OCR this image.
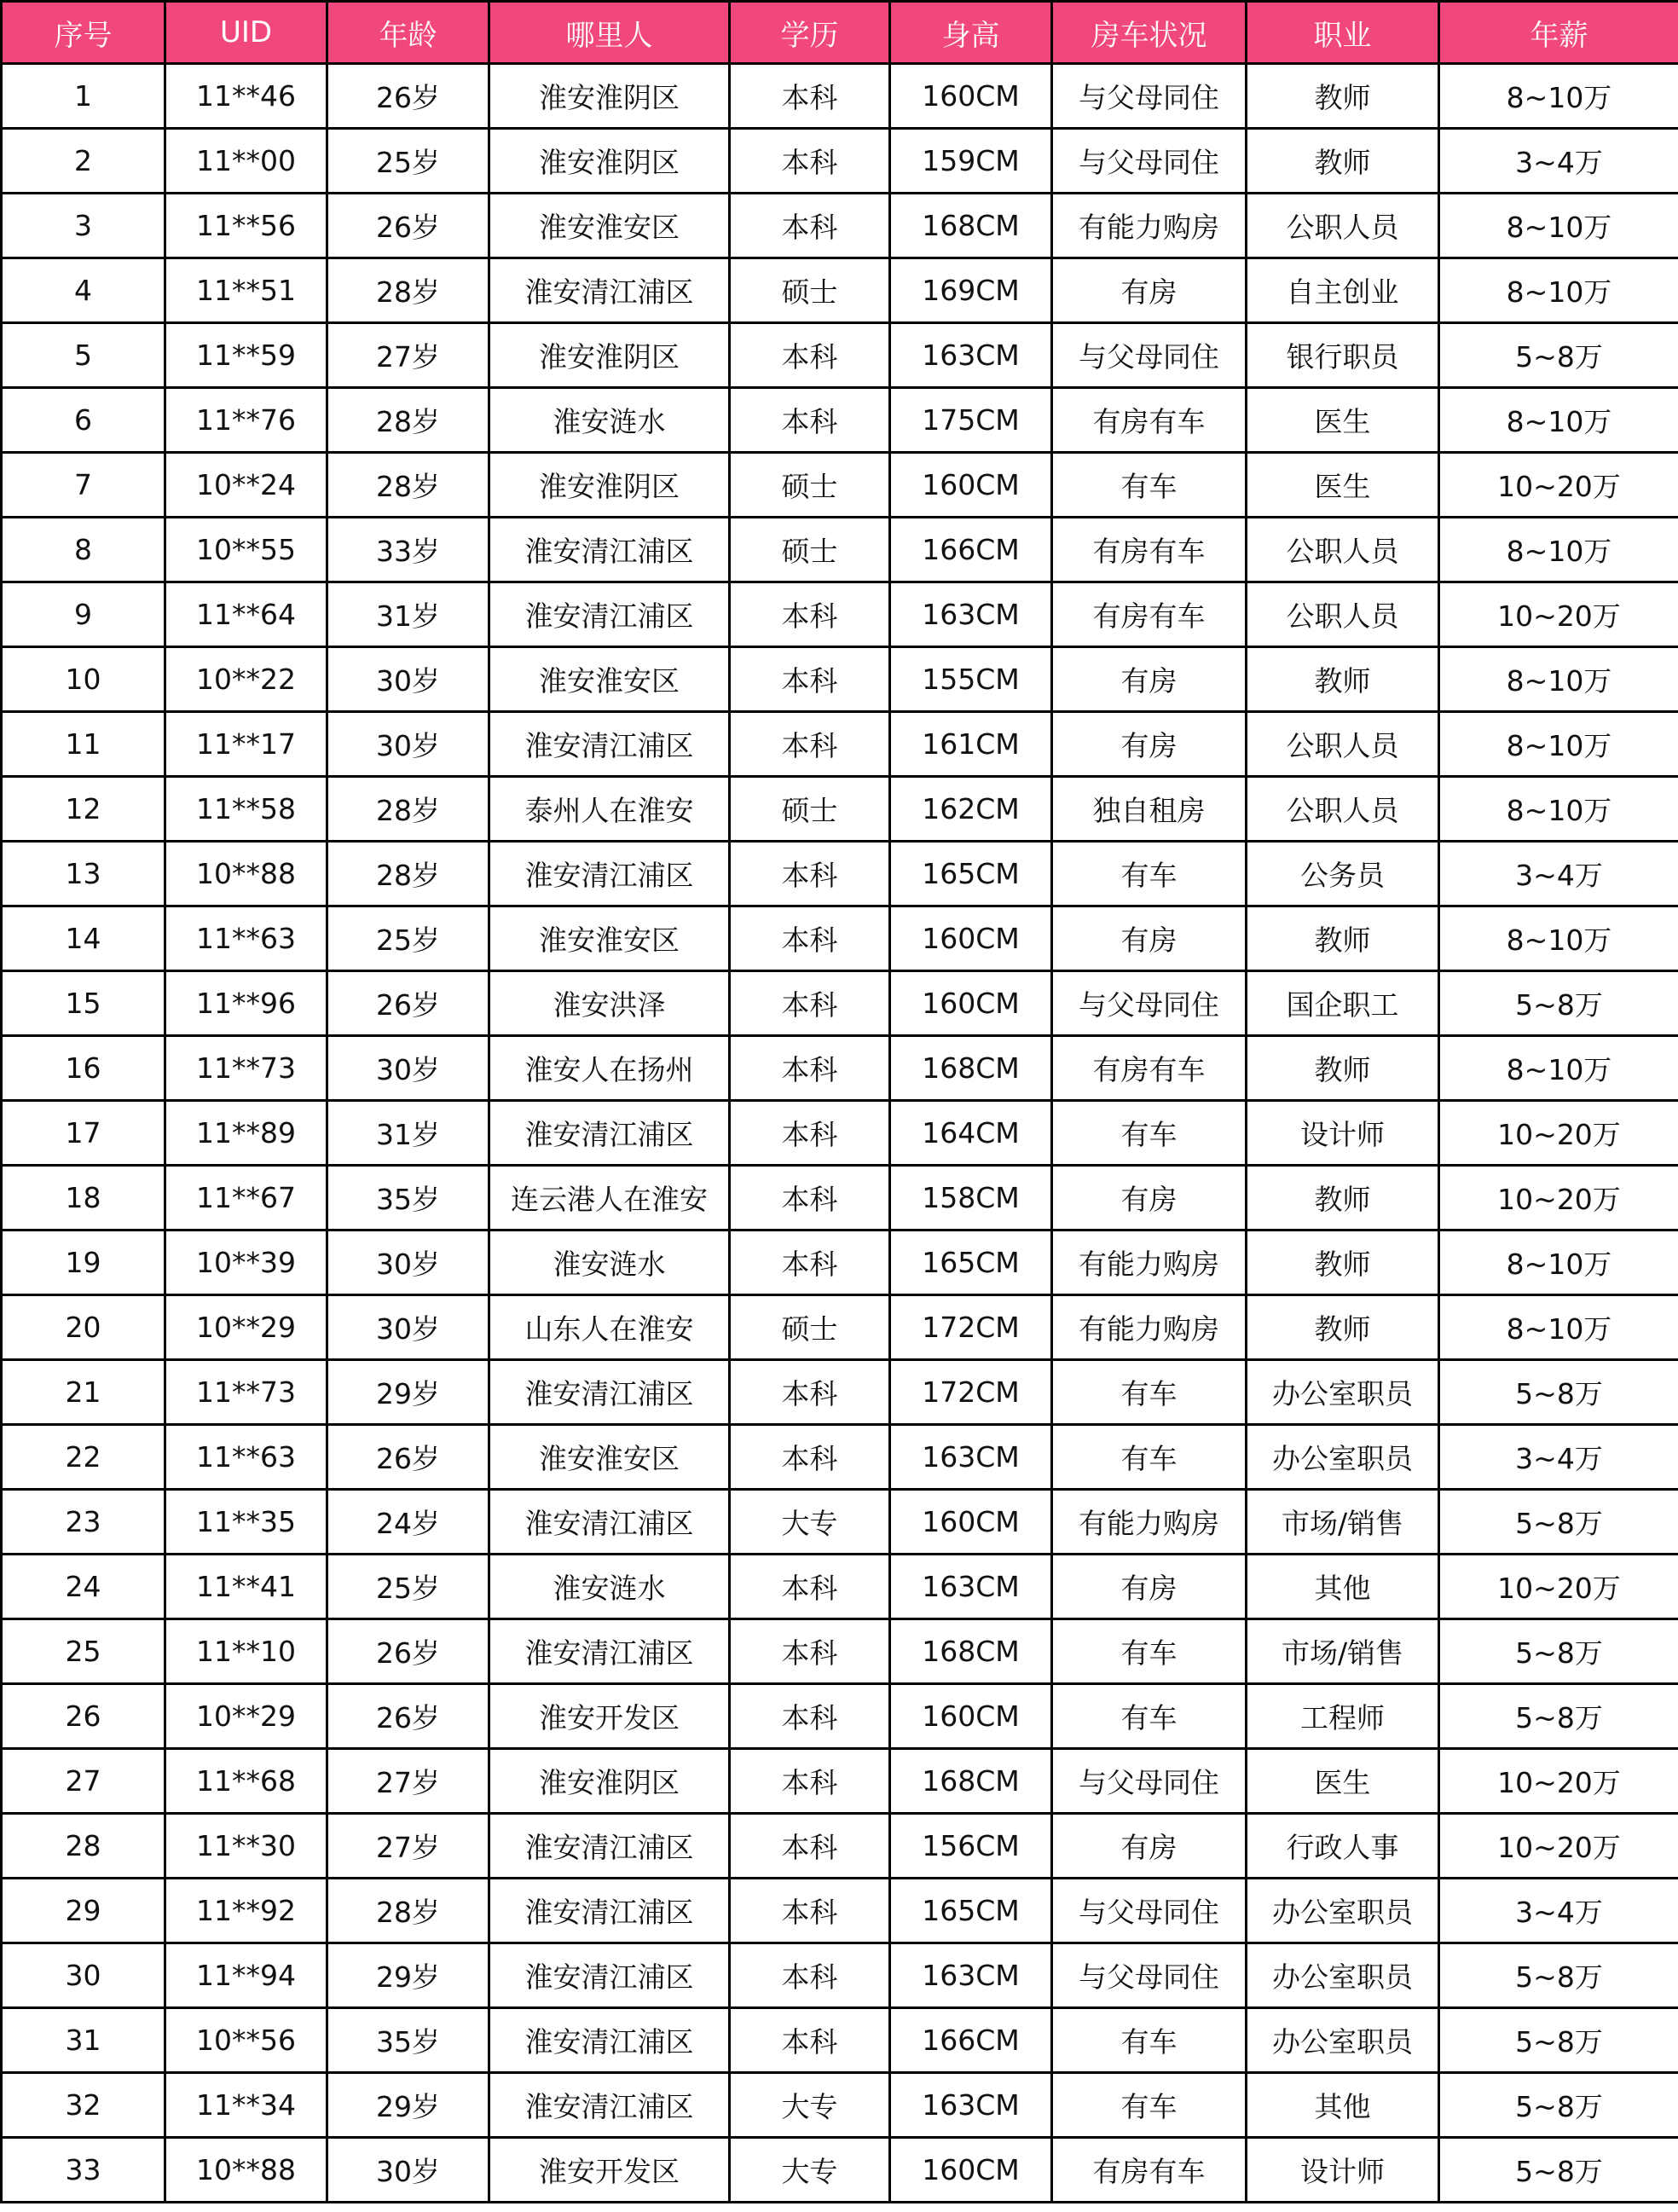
序号	UID	年龄	哪里人	学历	身高	房车状况	职业	年薪
1	11**46	26岁	淮安淮阴区	本科	160CM	与父母同住	教师	8~10万
2	11**00	25岁	淮安淮阴区	本科	159CM	与父母同住	教师	3~4万
3	11**56	26岁	淮安淮安区	本科	168CM	有能力购房	公职人员	8~10万
4	11**51	28岁	淮安清江浦区	硕士	169CM	有房	自主创业	8~10万
5	11**59	27岁	淮安淮阴区	本科	163CM	与父母同住	银行职员	5~8万
6	11**76	28岁	淮安涟水	本科	175CM	有房有车	医生	8~10万
7	10**24	28岁	淮安淮阴区	硕士	160CM	有车	医生	10~20万
8	10**55	33岁	淮安清江浦区	硕士	166CM	有房有车	公职人员	8~10万
9	11**64	31岁	淮安清江浦区	本科	163CM	有房有车	公职人员	10~20万
10	10**22	30岁	淮安淮安区	本科	155CM	有房	教师	8~10万
11	11**17	30岁	淮安清江浦区	本科	161CM	有房	公职人员	8~10万
12	11**58	28岁	泰州人在淮安	硕士	162CM	独自租房	公职人员	8~10万
13	10**88	28岁	淮安清江浦区	本科	165CM	有车	公务员	3~4万
14	11**63	25岁	淮安淮安区	本科	160CM	有房	教师	8~10万
15	11**96	26岁	淮安洪泽	本科	160CM	与父母同住	国企职工	5~8万
16	11**73	30岁	淮安人在扬州	本科	168CM	有房有车	教师	8~10万
17	11**89	31岁	淮安清江浦区	本科	164CM	有车	设计师	10~20万
18	11**67	35岁	连云港人在淮安	本科	158CM	有房	教师	10~20万
19	10**39	30岁	淮安涟水	本科	165CM	有能力购房	教师	8~10万
20	10**29	30岁	山东人在淮安	硕士	172CM	有能力购房	教师	8~10万
21	11**73	29岁	淮安清江浦区	本科	172CM	有车	办公室职员	5~8万
22	11**63	26岁	淮安淮安区	本科	163CM	有车	办公室职员	3~4万
23	11**35	24岁	淮安清江浦区	大专	160CM	有能力购房	市场/销售	5~8万
24	11**41	25岁	淮安涟水	本科	163CM	有房	其他	10~20万
25	11**10	26岁	淮安清江浦区	本科	168CM	有车	市场/销售	5~8万
26	10**29	26岁	淮安开发区	本科	160CM	有车	工程师	5~8万
27	11**68	27岁	淮安淮阴区	本科	168CM	与父母同住	医生	10~20万
28	11**30	27岁	淮安清江浦区	本科	156CM	有房	行政人事	10~20万
29	11**92	28岁	淮安清江浦区	本科	165CM	与父母同住	办公室职员	3~4万
30	11**94	29岁	淮安清江浦区	本科	163CM	与父母同住	办公室职员	5~8万
31	10**56	35岁	淮安清江浦区	本科	166CM	有车	办公室职员	5~8万
32	11**34	29岁	淮安清江浦区	大专	163CM	有车	其他	5~8万
33	10**88	30岁	淮安开发区	大专	160CM	有房有车	设计师	5~8万
